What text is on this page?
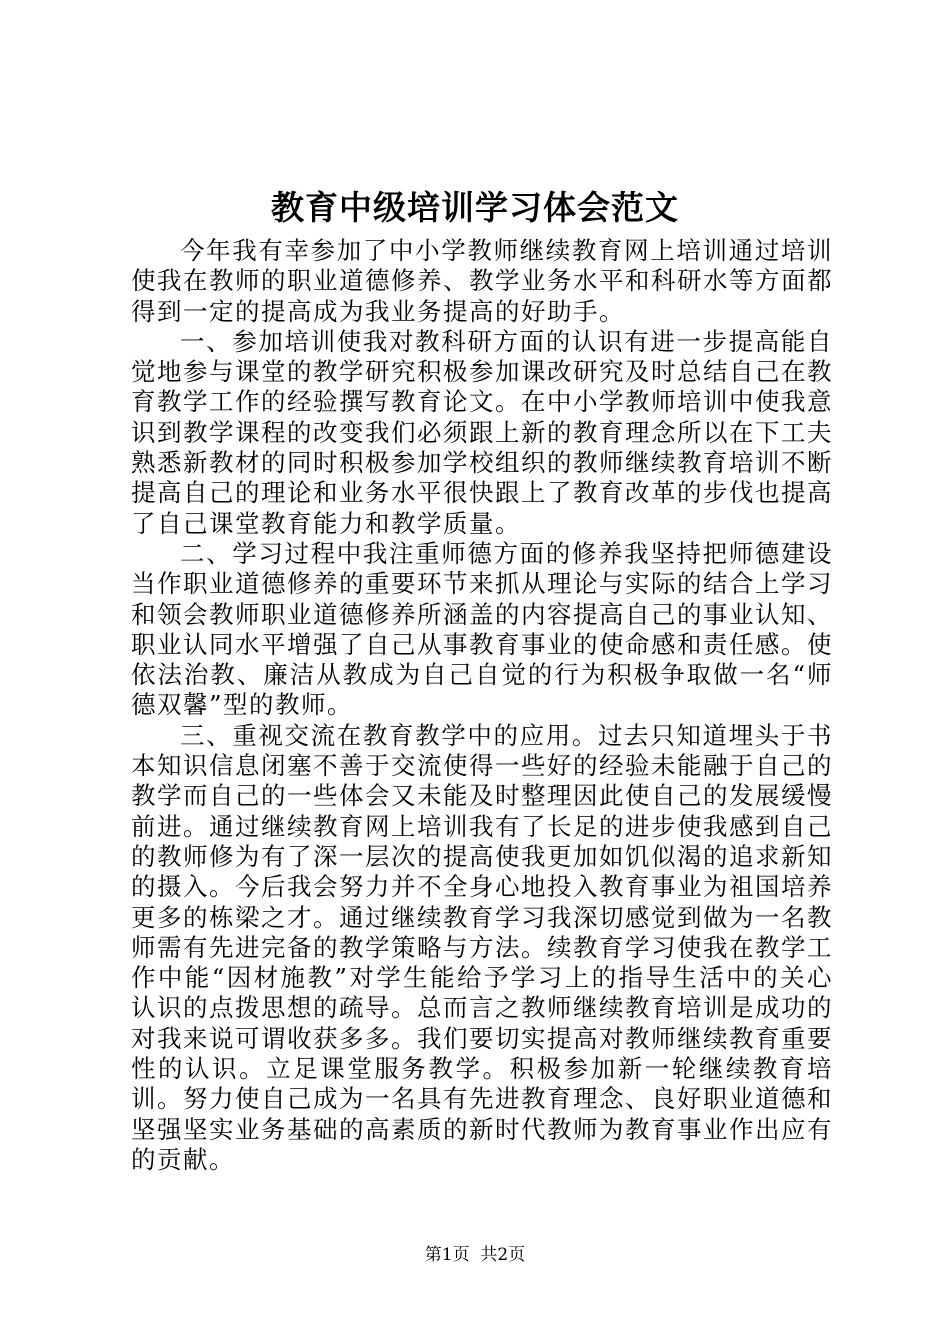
教育中级培训学习体会范文

今年我有幸参加了中小学教师继续教育网上培训通过培训使我在教师的职业道德修养、教学业务水平和科研水等方面都得到一定的提高成为我业务提高的好助手。

一、参加培训使我对教科研方面的认识有进一步提高能自觉地参与课堂的教学研究积极参加课改研究及时总结自己在教育教学工作的经验撰写教育论文。在中小学教师培训中使我意识到教学课程的改变我们必须跟上新的教育理念所以在下工夫熟悉新教材的同时积极参加学校组织的教师继续教育培训不断提高自己的理论和业务水平很快跟上了教育改革的步伐也提高了自己课堂教育能力和教学质量。

二、学习过程中我注重师德方面的修养我坚持把师德建设当作职业道德修养的重要环节来抓从理论与实际的结合上学习和领会教师职业道德修养所涵盖的内容提高自己的事业认知、职业认同水平增强了自己从事教育事业的使命感和责任感。使依法治教、廉洁从教成为自己自觉的行为积极争取做一名“师德双馨”型的教师。

三、重视交流在教育教学中的应用。过去只知道埋头于书本知识信息闭塞不善于交流使得一些好的经验未能融于自己的教学而自己的一些体会又未能及时整理因此使自己的发展缓慢前进。通过继续教育网上培训我有了长足的进步使我感到自己的教师修为有了深一层次的提高使我更加如饥似渴的追求新知的摄入。今后我会努力并不全身心地投入教育事业为祖国培养更多的栋梁之才。通过继续教育学习我深切感觉到做为一名教师需有先进完备的教学策略与方法。续教育学习使我在教学工作中能“因材施教”对学生能给予学习上的指导生活中的关心认识的点拨思想的疏导。总而言之教师继续教育培训是成功的对我来说可谓收获多多。我们要切实提高对教师继续教育重要性的认识。立足课堂服务教学。积极参加新一轮继续教育培训。努力使自己成为一名具有先进教育理念、良好职业道德和坚强坚实业务基础的高素质的新时代教师为教育事业作出应有的贡献。

第1页 共2页
